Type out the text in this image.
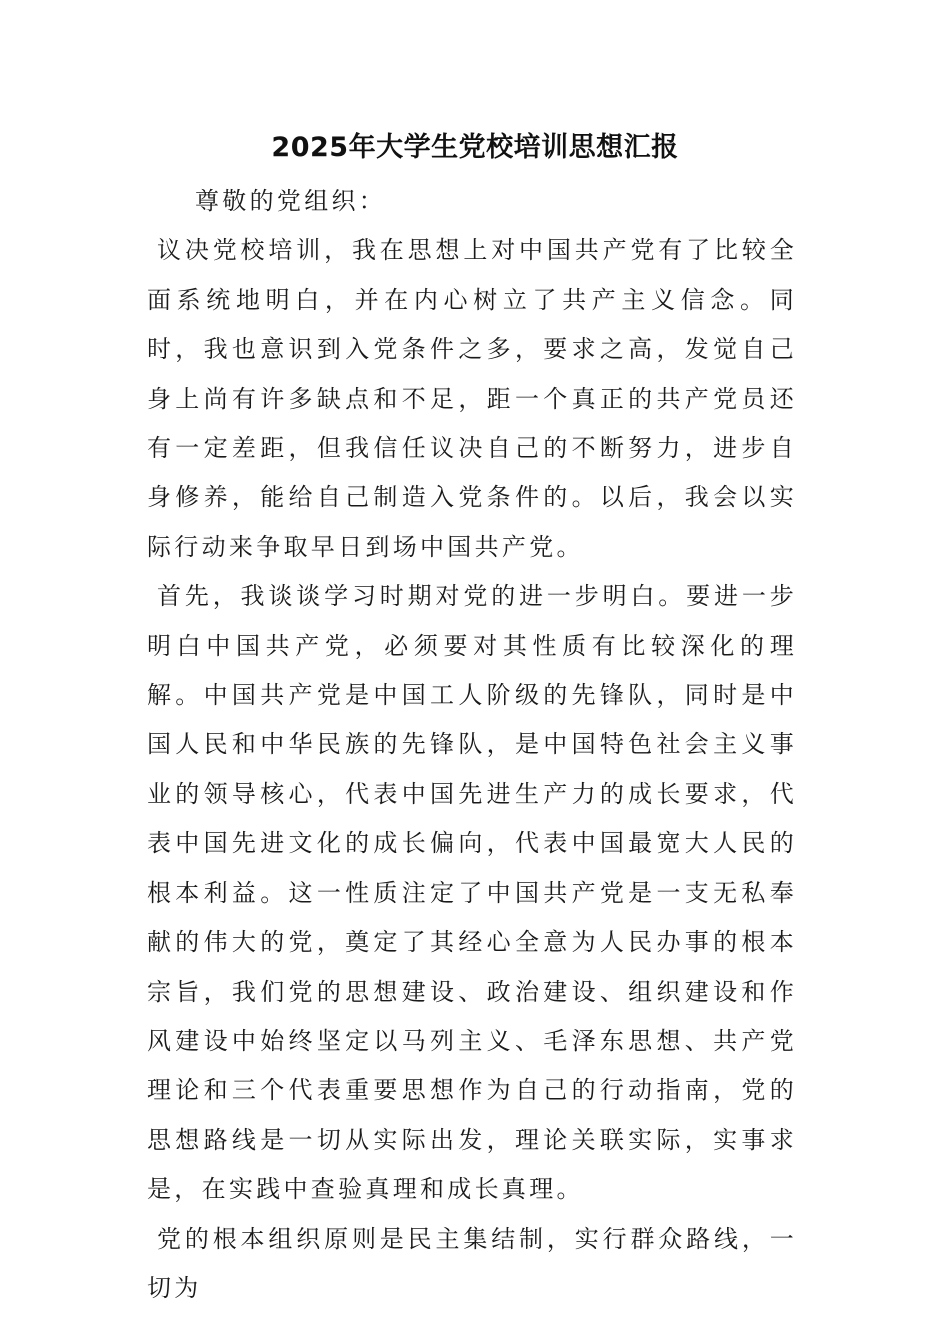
2025年大学生党校培训思想汇报

尊敬的党组织：

议决党校培训，我在思想上对中国共产党有了比较全面系统地明白，并在内心树立了共产主义信念。同时，我也意识到入党条件之多，要求之高，发觉自己身上尚有许多缺点和不足，距一个真正的共产党员还有一定差距，但我信任议决自己的不断努力，进步自身修养，能给自己制造入党条件的。以后，我会以实际行动来争取早日到场中国共产党。

首先，我谈谈学习时期对党的进一步明白。要进一步明白中国共产党，必须要对其性质有比较深化的理解。中国共产党是中国工人阶级的先锋队，同时是中国人民和中华民族的先锋队，是中国特色社会主义事业的领导核心，代表中国先进生产力的成长要求，代表中国先进文化的成长偏向，代表中国最宽大人民的根本利益。这一性质注定了中国共产党是一支无私奉献的伟大的党，奠定了其经心全意为人民办事的根本宗旨，我们党的思想建设、政治建设、组织建设和作风建设中始终坚定以马列主义、毛泽东思想、共产党理论和三个代表重要思想作为自己的行动指南，党的思想路线是一切从实际出发，理论关联实际，实事求是，在实践中查验真理和成长真理。

党的根本组织原则是民主集结制，实行群众路线，一切为
